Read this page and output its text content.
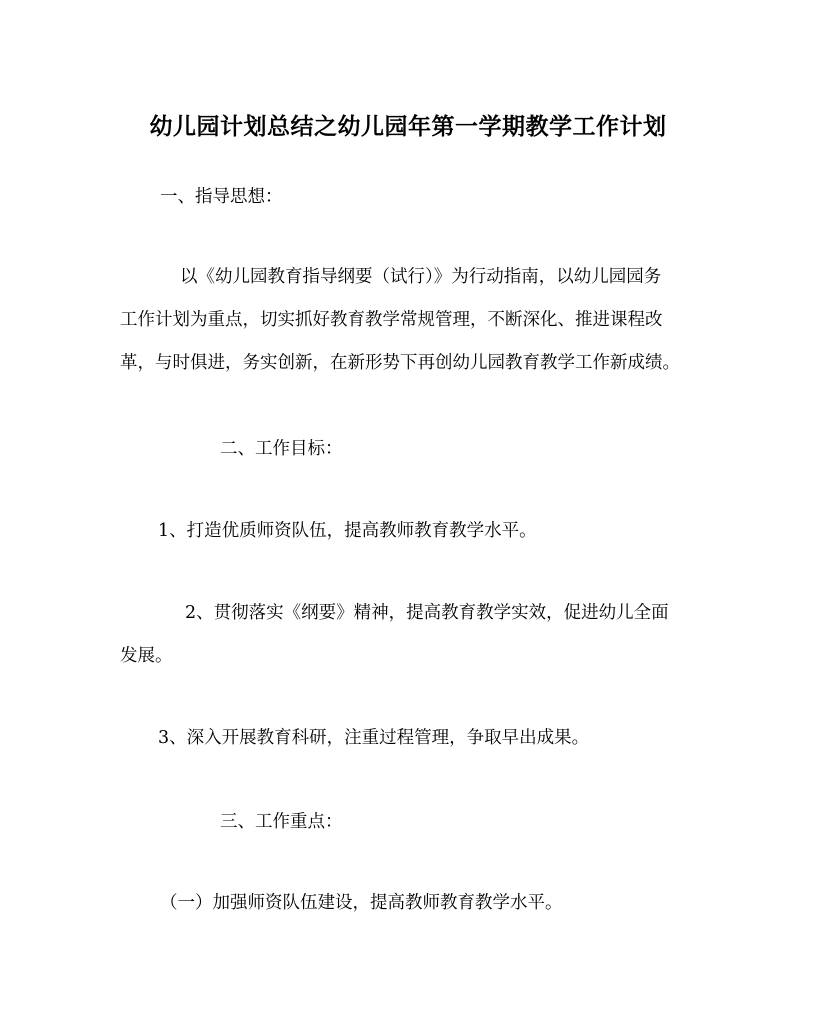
幼儿园计划总结之幼儿园年第一学期教学工作计划
一、指导思想：
以《幼儿园教育指导纲要（试行）》为行动指南，以幼儿园园务
工作计划为重点，切实抓好教育教学常规管理，不断深化、推进课程改
革，与时俱进，务实创新，在新形势下再创幼儿园教育教学工作新成绩。
二、工作目标：
1、打造优质师资队伍，提高教师教育教学水平。
2、贯彻落实《纲要》精神，提高教育教学实效，促进幼儿全面
发展。
3、深入开展教育科研，注重过程管理，争取早出成果。
三、工作重点：
（一）加强师资队伍建设，提高教师教育教学水平。
